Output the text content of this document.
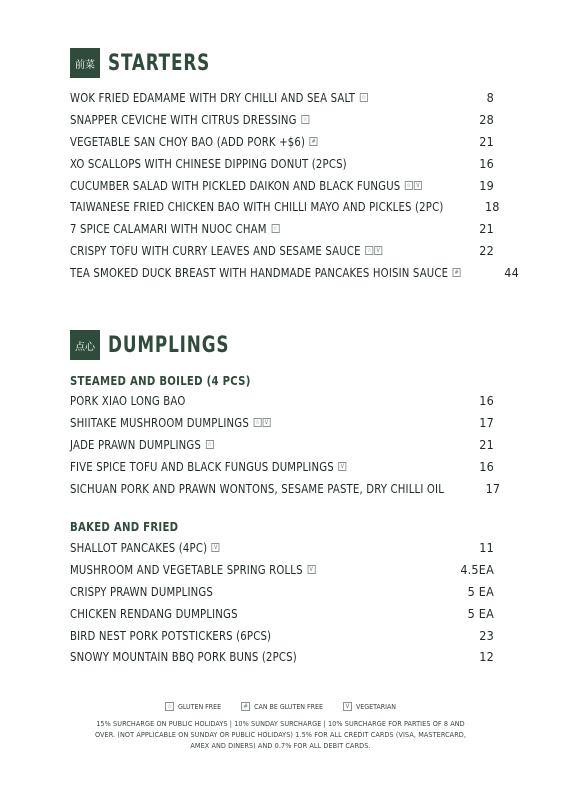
前菜 STARTERS
WOK FRIED EDAMAME WITH DRY CHILLI AND SEA SALT ☆	8
SNAPPER CEVICHE WITH CITRUS DRESSING ☆	28
VEGETABLE SAN CHOY BAO (ADD PORK +$6)	#	21
XO SCALLOPS WITH CHINESE DIPPING DONUT (2PCS)	16
CUCUMBER SALAD WITH PICKLED DAIKON AND BLACK FUNGUS ☆ V	19
TAIWANESE FRIED CHICKEN BAO WITH CHILLI MAYO AND PICKLES (2PC)	18
7 SPICE CALAMARI WITH NUOC CHAM ☆	21
CRISPY TOFU WITH CURRY LEAVES AND SESAME SAUCE ☆ V	22
TEA SMOKED DUCK BREAST WITH HANDMADE PANCAKES HOISIN SAUCE	#	44
点心 DUMPLINGS
STEAMED AND BOILED (4 PCS)
PORK XIAO LONG BAO	16
SHIITAKE MUSHROOM DUMPLINGS ☆ V	17
JADE PRAWN DUMPLINGS ☆	21
FIVE SPICE TOFU AND BLACK FUNGUS DUMPLINGS	V	16
SICHUAN PORK AND PRAWN WONTONS, SESAME PASTE, DRY CHILLI OIL	17
BAKED AND FRIED
SHALLOT PANCAKES (4PC)	V	11
MUSHROOM AND VEGETABLE SPRING ROLLS	V	4.5EA
CRISPY PRAWN DUMPLINGS	5 EA
CHICKEN RENDANG DUMPLINGS	5 EA
BIRD NEST PORK POTSTICKERS (6PCS)	23
SNOWY MOUNTAIN BBQ PORK BUNS (2PCS)	12
☆ GLUTEN FREE	# CAN BE GLUTEN FREE	V VEGETARIAN
15% SURCHARGE ON PUBLIC HOLIDAYS | 10% SUNDAY SURCHARGE | 10% SURCHARGE FOR PARTIES OF 8 AND OVER. (NOT APPLICABLE ON SUNDAY OR PUBLIC HOLIDAYS) 1.5% FOR ALL CREDIT CARDS (VISA, MASTERCARD, AMEX AND DINERS) AND 0.7% FOR ALL DEBIT CARDS.
